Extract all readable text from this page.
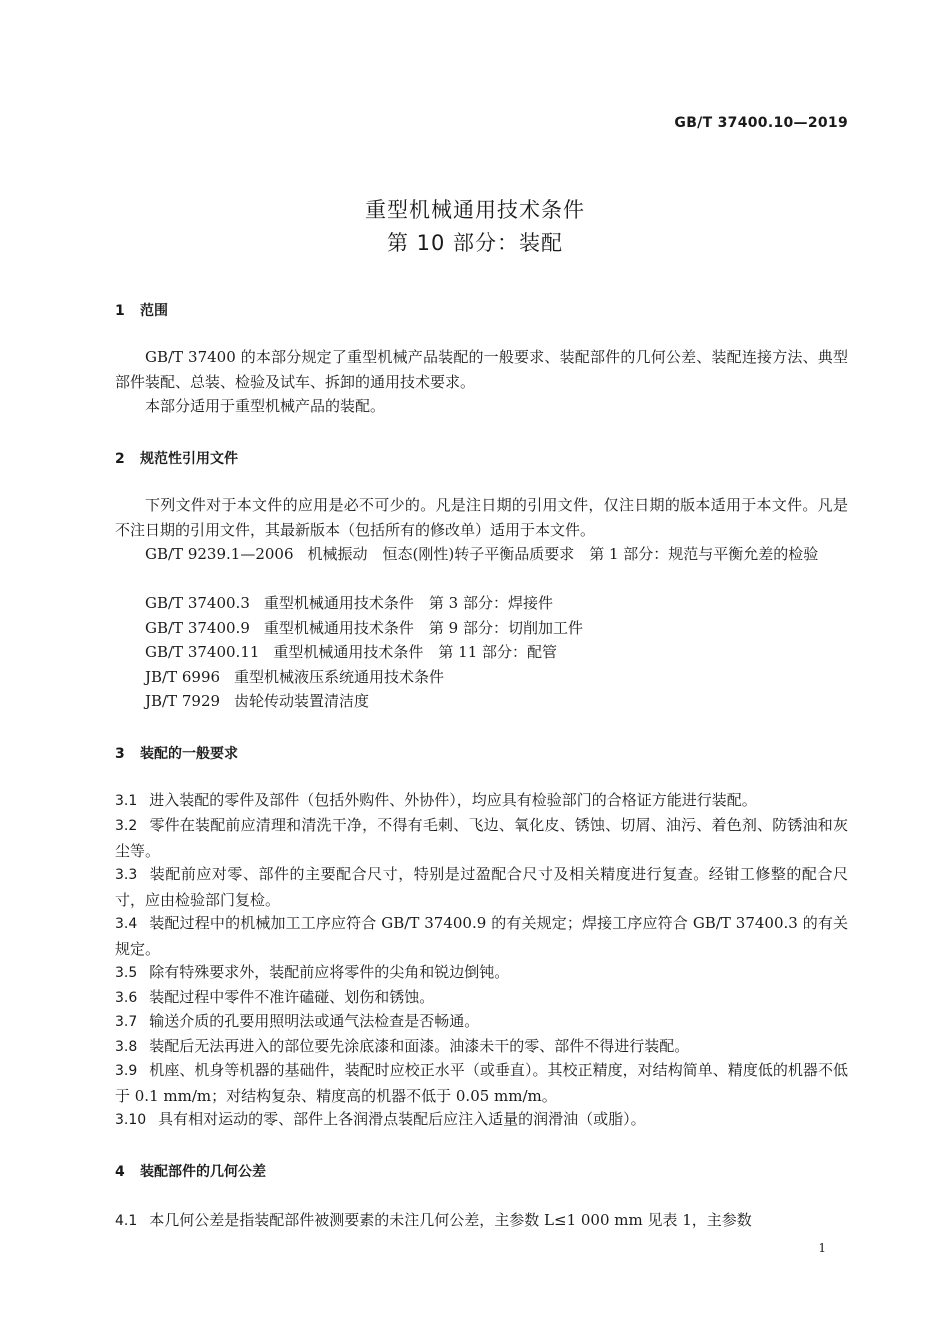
GB/T 37400.10—2019
重型机械通用技术条件
第 10 部分：装配
1 范围
GB/T 37400 的本部分规定了重型机械产品装配的一般要求、装配部件的几何公差、装配连接方法、典型部件装配、总装、检验及试车、拆卸的通用技术要求。
本部分适用于重型机械产品的装配。
2 规范性引用文件
下列文件对于本文件的应用是必不可少的。凡是注日期的引用文件，仅注日期的版本适用于本文件。凡是不注日期的引用文件，其最新版本（包括所有的修改单）适用于本文件。
GB/T 9239.1—2006 机械振动　恒态(刚性)转子平衡品质要求　第 1 部分：规范与平衡允差的检验
GB/T 37400.3 重型机械通用技术条件　第 3 部分：焊接件
GB/T 37400.9 重型机械通用技术条件　第 9 部分：切削加工件
GB/T 37400.11 重型机械通用技术条件　第 11 部分：配管
JB/T 6996 重型机械液压系统通用技术条件
JB/T 7929 齿轮传动装置清洁度
3 装配的一般要求
3.1 进入装配的零件及部件（包括外购件、外协件），均应具有检验部门的合格证方能进行装配。
3.2 零件在装配前应清理和清洗干净，不得有毛刺、飞边、氧化皮、锈蚀、切屑、油污、着色剂、防锈油和灰尘等。
3.3 装配前应对零、部件的主要配合尺寸，特别是过盈配合尺寸及相关精度进行复查。经钳工修整的配合尺寸，应由检验部门复检。
3.4 装配过程中的机械加工工序应符合 GB/T 37400.9 的有关规定；焊接工序应符合 GB/T 37400.3 的有关规定。
3.5 除有特殊要求外，装配前应将零件的尖角和锐边倒钝。
3.6 装配过程中零件不准许磕碰、划伤和锈蚀。
3.7 输送介质的孔要用照明法或通气法检查是否畅通。
3.8 装配后无法再进入的部位要先涂底漆和面漆。油漆未干的零、部件不得进行装配。
3.9 机座、机身等机器的基础件，装配时应校正水平（或垂直）。其校正精度，对结构简单、精度低的机器不低于 0.1 mm/m；对结构复杂、精度高的机器不低于 0.05 mm/m。
3.10 具有相对运动的零、部件上各润滑点装配后应注入适量的润滑油（或脂）。
4 装配部件的几何公差
4.1 本几何公差是指装配部件被测要素的未注几何公差，主参数 L≤1 000 mm 见表 1，主参数
1
